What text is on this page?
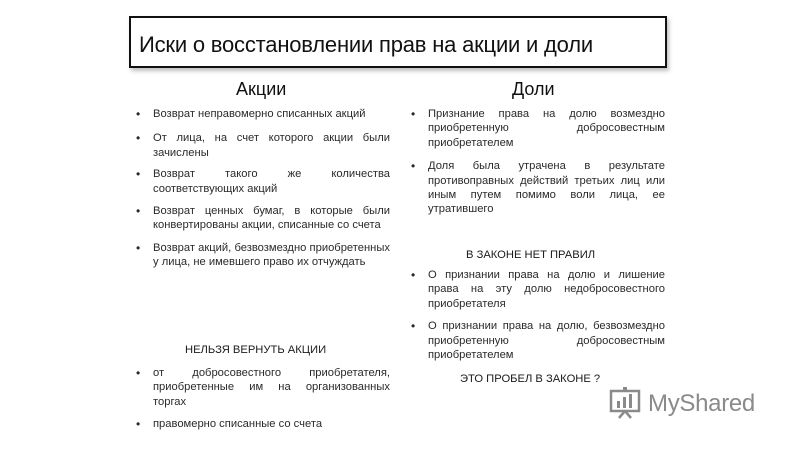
Иски о восстановлении прав на акции и доли
Акции	Доли
• Возврат неправомерно списанных акций
• От лица, на счет которого акции были зачислены
• Возврат такого же количества соответствующих акций
• Возврат ценных бумаг, в которые были конвертированы акции, списанные со счета
• Возврат акций, безвозмездно приобретенных у лица, не имевшего право их отчуждать
НЕЛЬЗЯ ВЕРНУТЬ АКЦИИ
• от добросовестного приобретателя, приобретенные им на организованных торгах
• правомерно списанные со счета
• Признание права на долю возмездно приобретенную добросовестным приобретателем
• Доля была утрачена в результате противоправных действий третьих лиц или иным путем помимо воли лица, ее утратившего
В ЗАКОНЕ НЕТ ПРАВИЛ
• О признании права на долю и лишение права на эту долю недобросовестного приобретателя
• О признании права на долю, безвозмездно приобретенную добросовестным приобретателем
ЭТО ПРОБЕЛ В ЗАКОНЕ ?
MyShared
